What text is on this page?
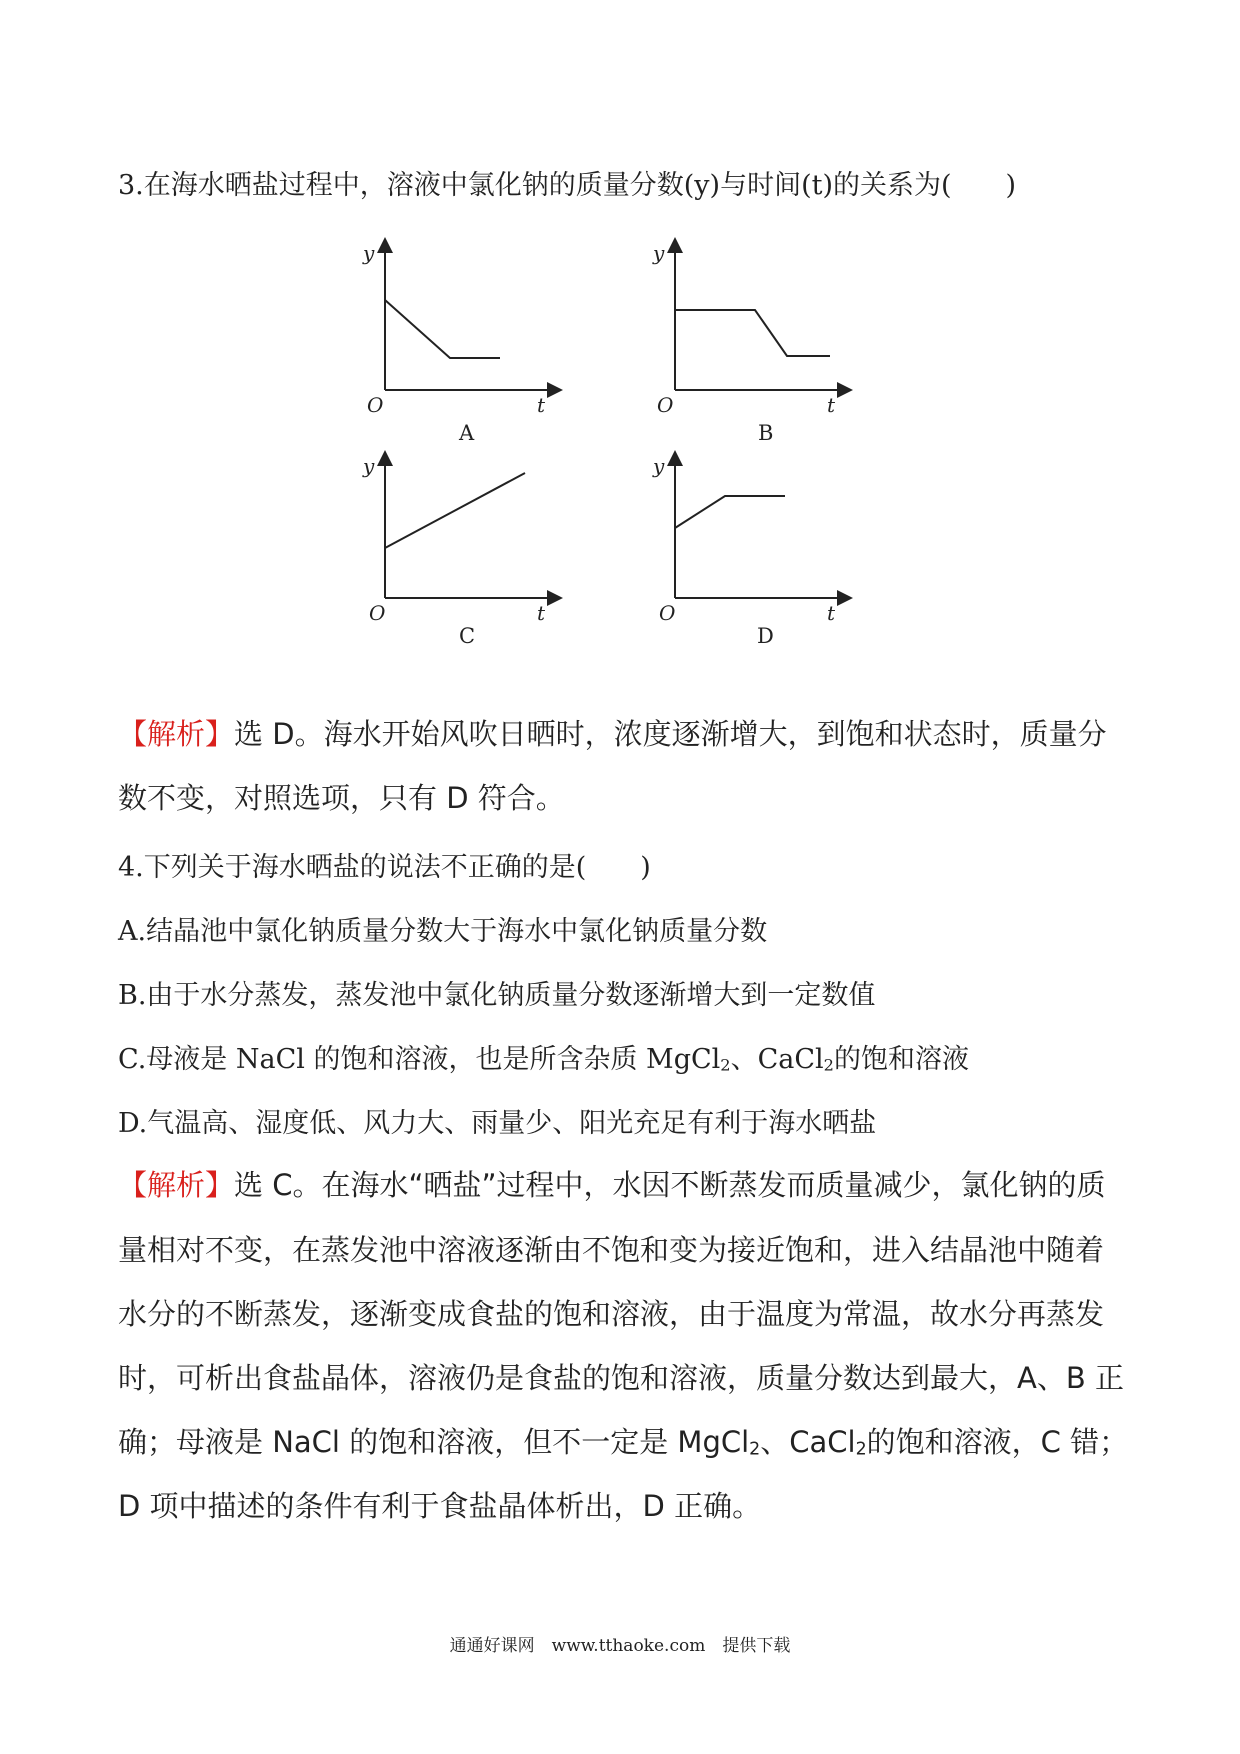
3.在海水晒盐过程中，溶液中氯化钠的质量分数(y)与时间(t)的关系为(　　)
y
O	t
A
y
O	t
B
y
O	t
C
y
O	t
D
【解析】选 D。海水开始风吹日晒时，浓度逐渐增大，到饱和状态时，质量分
数不变，对照选项，只有 D 符合。
4.下列关于海水晒盐的说法不正确的是(　　)
A.结晶池中氯化钠质量分数大于海水中氯化钠质量分数
B.由于水分蒸发，蒸发池中氯化钠质量分数逐渐增大到一定数值
C.母液是 NaCl 的饱和溶液，也是所含杂质 MgCl$_2$、CaCl$_2$的饱和溶液
D.气温高、湿度低、风力大、雨量少、阳光充足有利于海水晒盐
【解析】选 C。在海水“晒盐”过程中，水因不断蒸发而质量减少，氯化钠的质
量相对不变，在蒸发池中溶液逐渐由不饱和变为接近饱和，进入结晶池中随着
水分的不断蒸发，逐渐变成食盐的饱和溶液，由于温度为常温，故水分再蒸发
时，可析出食盐晶体，溶液仍是食盐的饱和溶液，质量分数达到最大，A、B 正
确；母液是 NaCl 的饱和溶液，但不一定是 MgCl$_2$、CaCl$_2$的饱和溶液，C 错；
D 项中描述的条件有利于食盐晶体析出，D 正确。
通通好课网　www.tthaoke.com　提供下载
